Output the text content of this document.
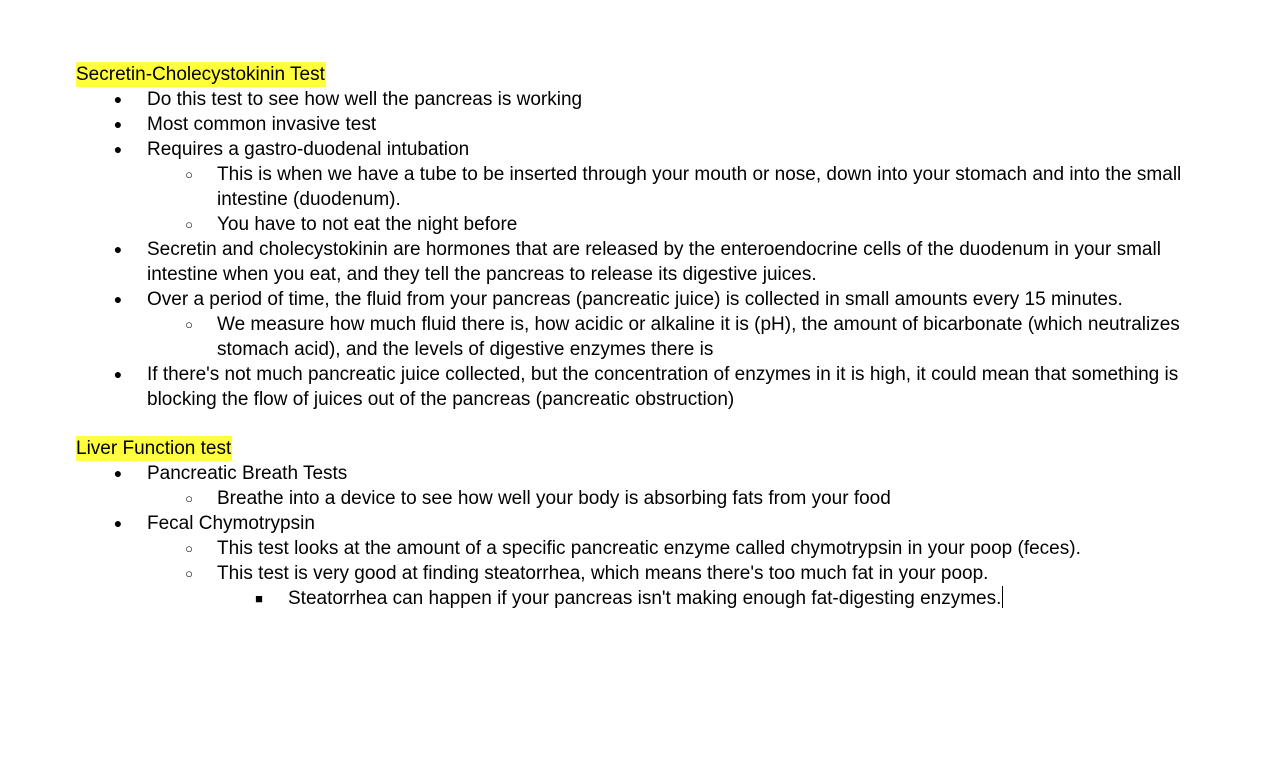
Secretin-Cholecystokinin Test
● Do this test to see how well the pancreas is working
● Most common invasive test
● Requires a gastro-duodenal intubation
○ This is when we have a tube to be inserted through your mouth or nose, down into your stomach and into the small intestine (duodenum).
○ You have to not eat the night before
● Secretin and cholecystokinin are hormones that are released by the enteroendocrine cells of the duodenum in your small intestine when you eat, and they tell the pancreas to release its digestive juices.
● Over a period of time, the fluid from your pancreas (pancreatic juice) is collected in small amounts every 15 minutes.
○ We measure how much fluid there is, how acidic or alkaline it is (pH), the amount of bicarbonate (which neutralizes stomach acid), and the levels of digestive enzymes there is
● If there's not much pancreatic juice collected, but the concentration of enzymes in it is high, it could mean that something is blocking the flow of juices out of the pancreas (pancreatic obstruction)
Liver Function test
● Pancreatic Breath Tests
○ Breathe into a device to see how well your body is absorbing fats from your food
● Fecal Chymotrypsin
○ This test looks at the amount of a specific pancreatic enzyme called chymotrypsin in your poop (feces).
○ This test is very good at finding steatorrhea, which means there's too much fat in your poop.
■ Steatorrhea can happen if your pancreas isn't making enough fat-digesting enzymes.
